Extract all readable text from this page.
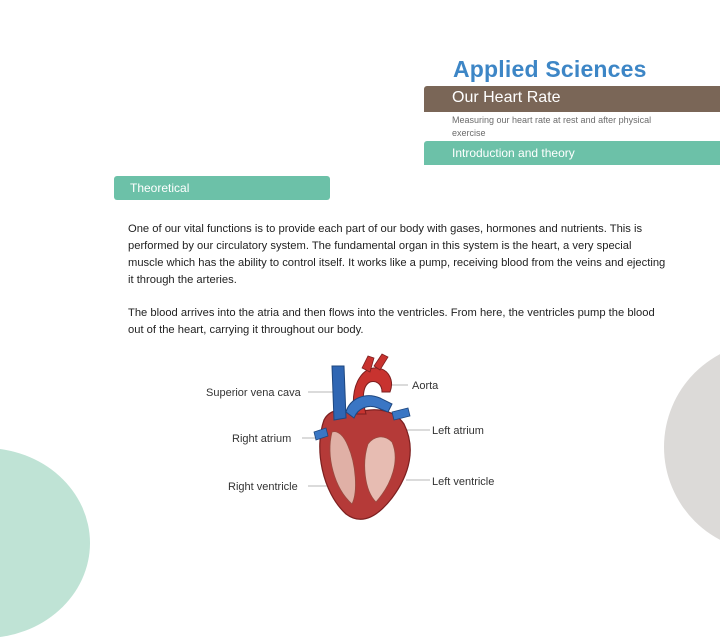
Applied Sciences
Our Heart Rate
Measuring our heart rate at rest and after physical exercise
Introduction and theory
Theoretical

One of our vital functions is to provide each part of our body with gases, hormones and nutrients. This is performed by our circulatory system. The fundamental organ in this system is the heart, a very special muscle which has the ability to control itself. It works like a pump, receiving blood from the veins and ejecting it through the arteries.

The blood arrives into the atria and then flows into the ventricles. From here, the ventricles pump the blood out of the heart, carrying it throughout our body.

Superior vena cava
Aorta
Right atrium
Left atrium
Right ventricle	Left ventricle
